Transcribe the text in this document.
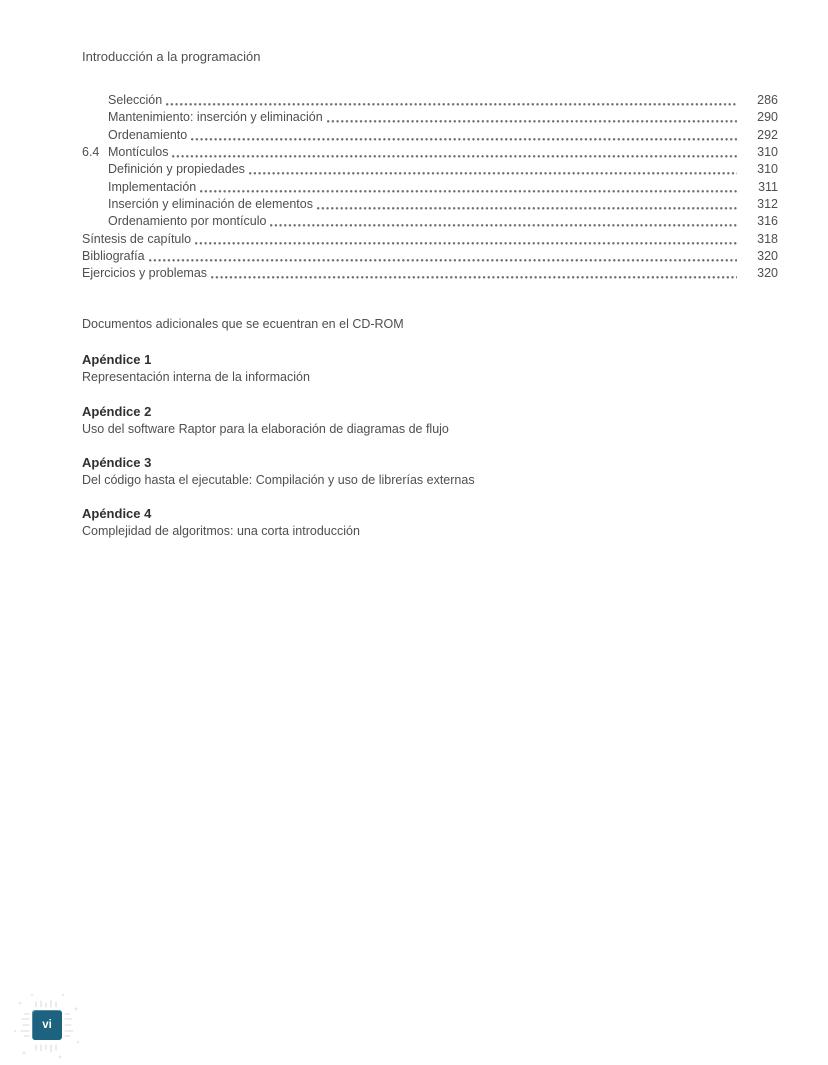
Introducción a la programación
Selección	286
Mantenimiento: inserción y eliminación	290
Ordenamiento	292
6.4 Montículos	310
Definición y propiedades	310
Implementación	311
Inserción y eliminación de elementos	312
Ordenamiento por montículo	316
Síntesis de capítulo	318
Bibliografía	320
Ejercicios y problemas	320
Documentos adicionales que se ecuentran en el CD-ROM
Apéndice 1
Representación interna de la información
Apéndice 2
Uso del software Raptor para la elaboración de diagramas de flujo
Apéndice 3
Del código hasta el ejecutable: Compilación y uso de librerías externas
Apéndice 4
Complejidad de algoritmos: una corta introducción
vi
